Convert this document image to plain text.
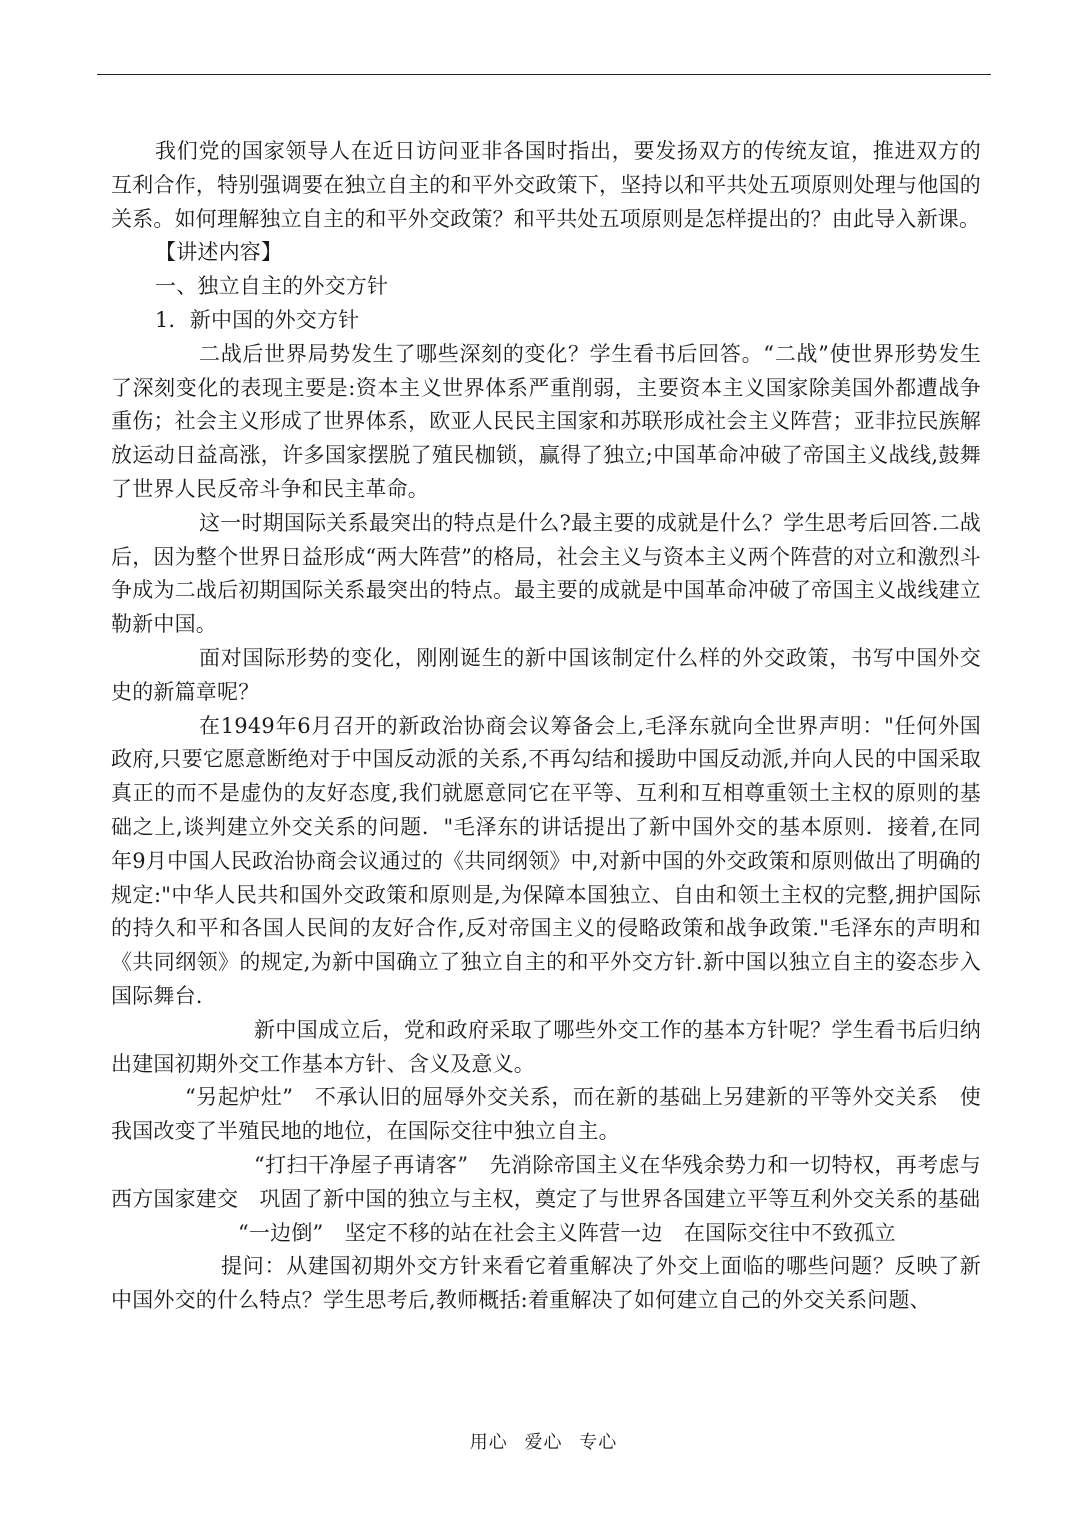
我们党的国家领导人在近日访问亚非各国时指出，要发扬双方的传统友谊，推进双方的互利合作，特别强调要在独立自主的和平外交政策下，坚持以和平共处五项原则处理与他国的关系。如何理解独立自主的和平外交政策？和平共处五项原则是怎样提出的？由此导入新课。

【讲述内容】

一、独立自主的外交方针

1．新中国的外交方针

二战后世界局势发生了哪些深刻的变化？学生看书后回答。“二战”使世界形势发生了深刻变化的表现主要是:资本主义世界体系严重削弱，主要资本主义国家除美国外都遭战争重伤；社会主义形成了世界体系，欧亚人民民主国家和苏联形成社会主义阵营；亚非拉民族解放运动日益高涨，许多国家摆脱了殖民枷锁，赢得了独立;中国革命冲破了帝国主义战线,鼓舞了世界人民反帝斗争和民主革命。

这一时期国际关系最突出的特点是什么?最主要的成就是什么？学生思考后回答.二战后，因为整个世界日益形成“两大阵营”的格局，社会主义与资本主义两个阵营的对立和激烈斗争成为二战后初期国际关系最突出的特点。最主要的成就是中国革命冲破了帝国主义战线建立勒新中国。

面对国际形势的变化，刚刚诞生的新中国该制定什么样的外交政策，书写中国外交史的新篇章呢？

在1949年6月召开的新政治协商会议筹备会上,毛泽东就向全世界声明："任何外国政府,只要它愿意断绝对于中国反动派的关系,不再勾结和援助中国反动派,并向人民的中国采取真正的而不是虚伪的友好态度,我们就愿意同它在平等、互利和互相尊重领土主权的原则的基础之上,谈判建立外交关系的问题．"毛泽东的讲话提出了新中国外交的基本原则．接着,在同年9月中国人民政治协商会议通过的《共同纲领》中,对新中国的外交政策和原则做出了明确的规定:"中华人民共和国外交政策和原则是,为保障本国独立、自由和领土主权的完整,拥护国际的持久和平和各国人民间的友好合作,反对帝国主义的侵略政策和战争政策."毛泽东的声明和《共同纲领》的规定,为新中国确立了独立自主的和平外交方针.新中国以独立自主的姿态步入国际舞台.

新中国成立后，党和政府采取了哪些外交工作的基本方针呢？学生看书后归纳出建国初期外交工作基本方针、含义及意义。

“另起炉灶”　不承认旧的屈辱外交关系，而在新的基础上另建新的平等外交关系　使我国改变了半殖民地的地位，在国际交往中独立自主。

“打扫干净屋子再请客”　先消除帝国主义在华残余势力和一切特权，再考虑与西方国家建交　巩固了新中国的独立与主权，奠定了与世界各国建立平等互利外交关系的基础

“一边倒”　坚定不移的站在社会主义阵营一边　在国际交往中不致孤立

提问：从建国初期外交方针来看它着重解决了外交上面临的哪些问题？反映了新中国外交的什么特点？学生思考后,教师概括:着重解决了如何建立自己的外交关系问题、

用心 爱心 专心
